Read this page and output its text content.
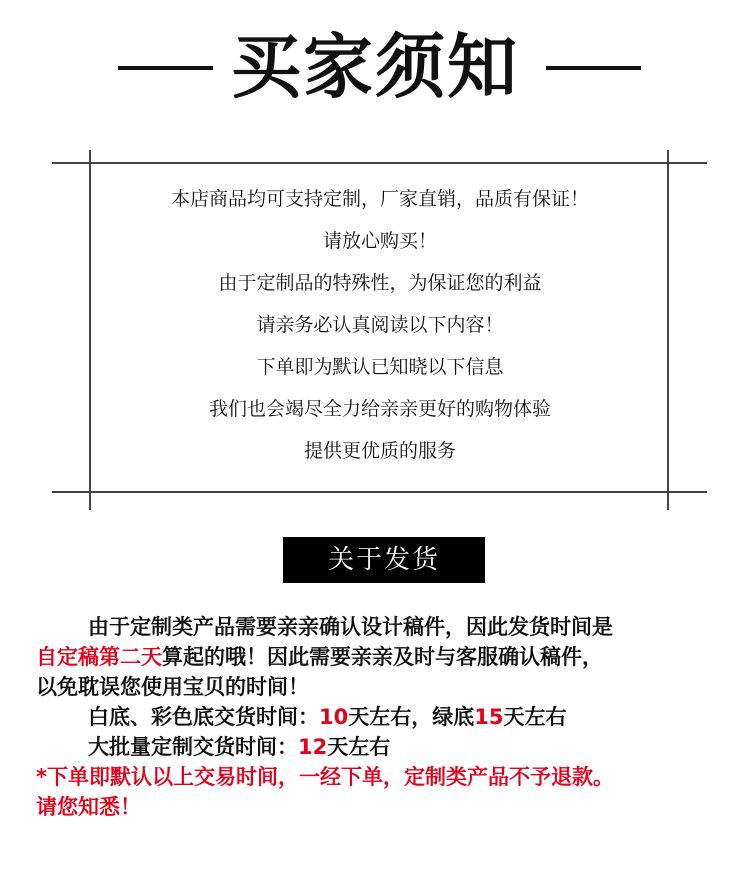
买家须知
本店商品均可支持定制，厂家直销，品质有保证！
请放心购买！
由于定制品的特殊性，为保证您的利益
请亲务必认真阅读以下内容！
下单即为默认已知晓以下信息
我们也会竭尽全力给亲亲更好的购物体验
提供更优质的服务
关于发货
由于定制类产品需要亲亲确认设计稿件，因此发货时间是
自定稿第二天算起的哦！因此需要亲亲及时与客服确认稿件，
以免耽误您使用宝贝的时间！
白底、彩色底交货时间：10天左右，绿底15天左右
大批量定制交货时间：12天左右
*下单即默认以上交易时间，一经下单，定制类产品不予退款。
请您知悉！
